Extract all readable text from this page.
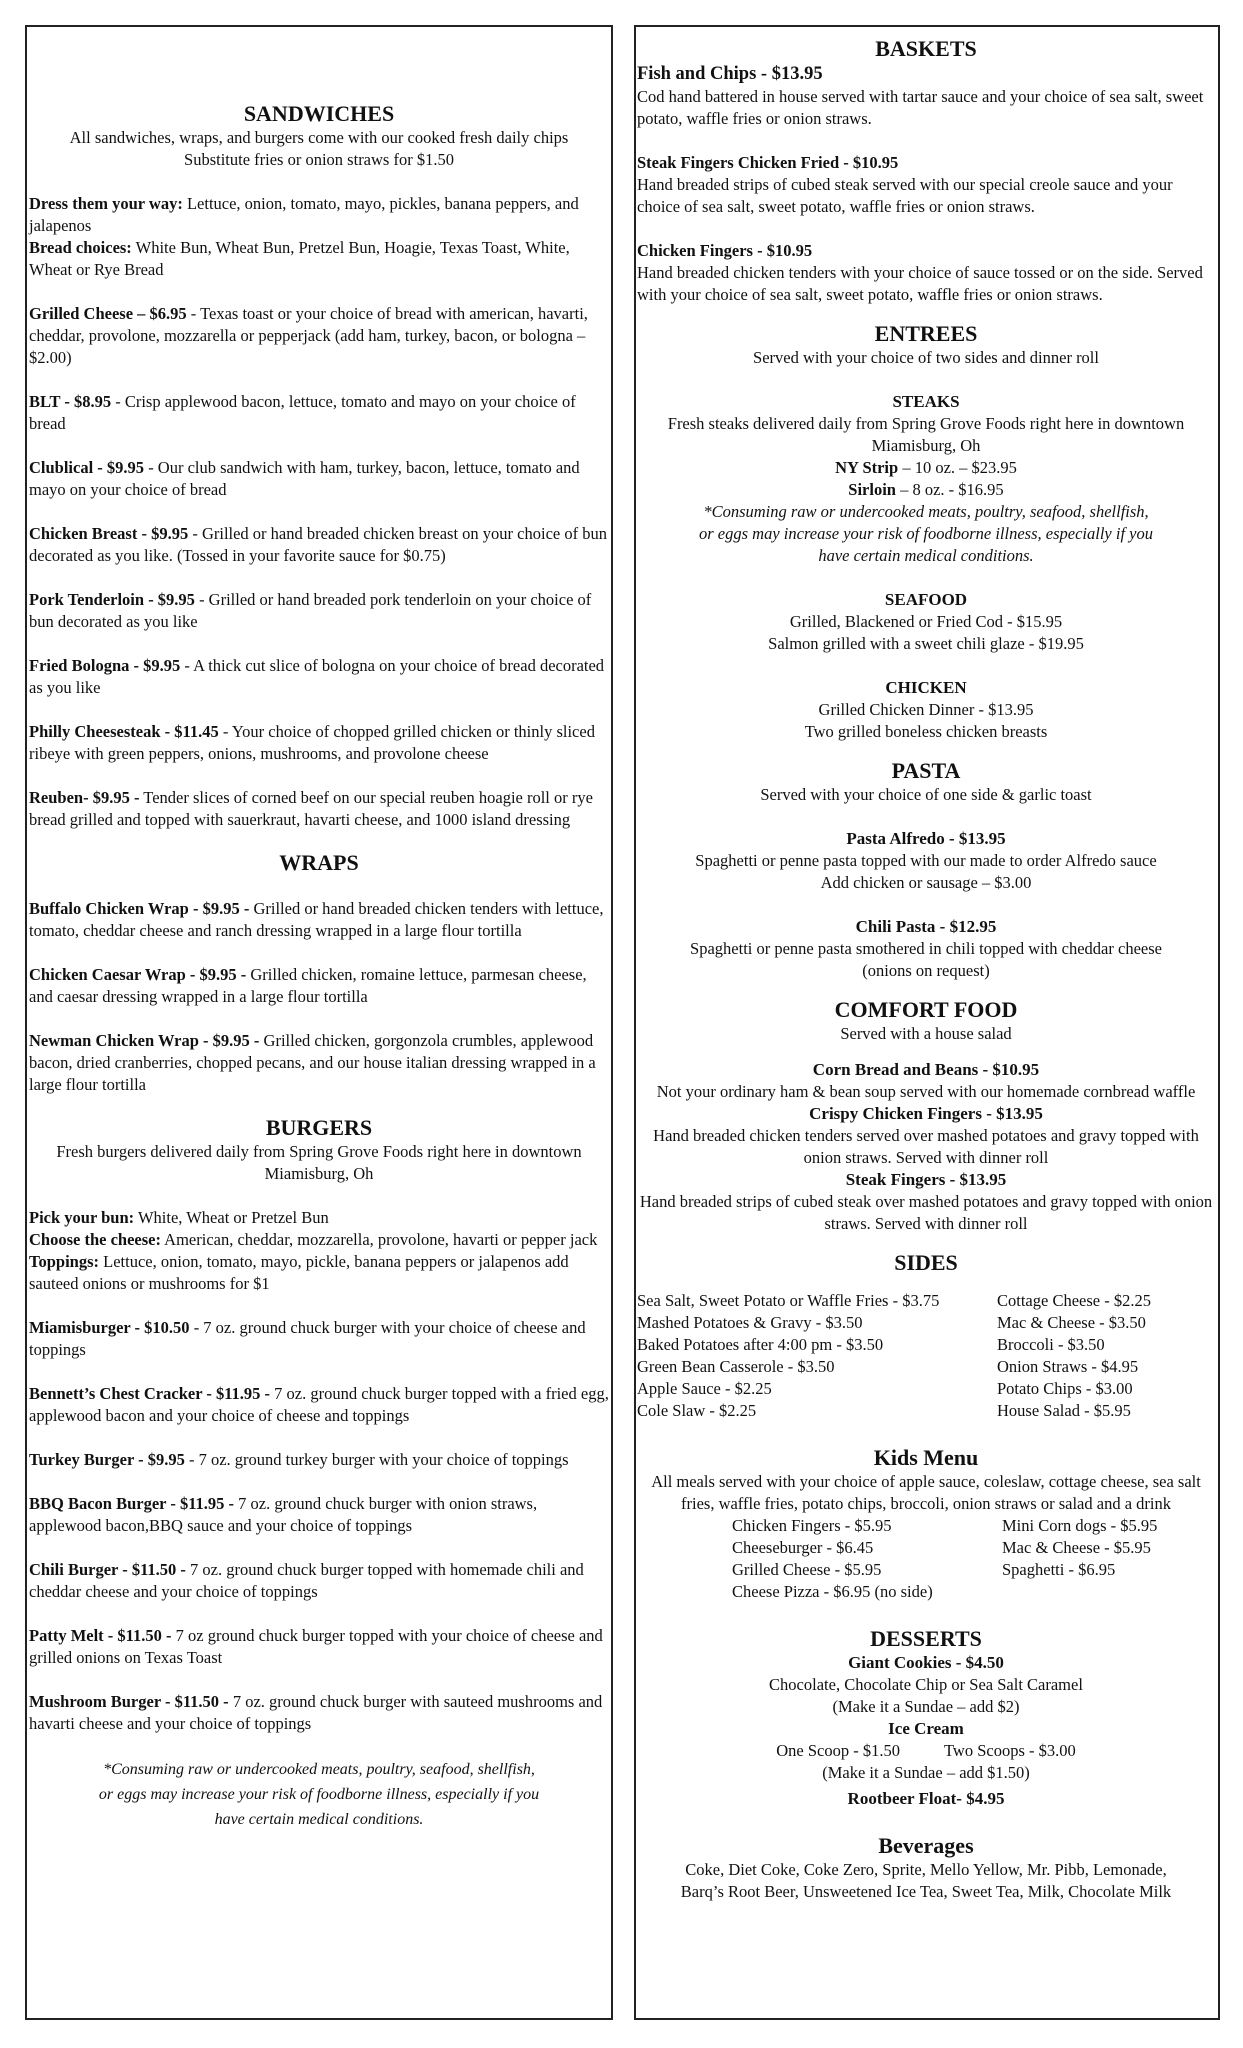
SANDWICHES

All sandwiches, wraps, and burgers come with our cooked fresh daily chips

Substitute fries or onion straws for $1.50

Dress them your way: Lettuce, onion, tomato, mayo, pickles, banana peppers, and jalapenos

Bread choices: White Bun, Wheat Bun, Pretzel Bun, Hoagie, Texas Toast, White, Wheat or Rye Bread

Grilled Cheese – $6.95 - Texas toast or your choice of bread with american, havarti, cheddar, provolone, mozzarella or pepperjack (add ham, turkey, bacon, or bologna – $2.00)

BLT - $8.95 - Crisp applewood bacon, lettuce, tomato and mayo on your choice of bread

Clublical - $9.95 - Our club sandwich with ham, turkey, bacon, lettuce, tomato and mayo on your choice of bread

Chicken Breast - $9.95 - Grilled or hand breaded chicken breast on your choice of bun decorated as you like. (Tossed in your favorite sauce for $0.75)

Pork Tenderloin - $9.95 - Grilled or hand breaded pork tenderloin on your choice of bun decorated as you like

Fried Bologna - $9.95 - A thick cut slice of bologna on your choice of bread decorated as you like

Philly Cheesesteak - $11.45 - Your choice of chopped grilled chicken or thinly sliced ribeye with green peppers, onions, mushrooms, and provolone cheese

Reuben- $9.95 - Tender slices of corned beef on our special reuben hoagie roll or rye bread grilled and topped with sauerkraut, havarti cheese, and 1000 island dressing

WRAPS

Buffalo Chicken Wrap - $9.95 - Grilled or hand breaded chicken tenders with lettuce, tomato, cheddar cheese and ranch dressing wrapped in a large flour tortilla

Chicken Caesar Wrap - $9.95 - Grilled chicken, romaine lettuce, parmesan cheese, and caesar dressing wrapped in a large flour tortilla

Newman Chicken Wrap - $9.95 - Grilled chicken, gorgonzola crumbles, applewood bacon, dried cranberries, chopped pecans, and our house italian dressing wrapped in a large flour tortilla

BURGERS

Fresh burgers delivered daily from Spring Grove Foods right here in downtown Miamisburg, Oh

Pick your bun: White, Wheat or Pretzel Bun

Choose the cheese: American, cheddar, mozzarella, provolone, havarti or pepper jack

Toppings: Lettuce, onion, tomato, mayo, pickle, banana peppers or jalapenos add sauteed onions or mushrooms for $1

Miamisburger - $10.50 - 7 oz. ground chuck burger with your choice of cheese and toppings

Bennett’s Chest Cracker - $11.95 - 7 oz. ground chuck burger topped with a fried egg, applewood bacon and your choice of cheese and toppings

Turkey Burger - $9.95 - 7 oz. ground turkey burger with your choice of toppings

BBQ Bacon Burger - $11.95 - 7 oz. ground chuck burger with onion straws, applewood bacon,BBQ sauce and your choice of toppings

Chili Burger - $11.50 - 7 oz. ground chuck burger topped with homemade chili and cheddar cheese and your choice of toppings

Patty Melt - $11.50 - 7 oz ground chuck burger topped with your choice of cheese and grilled onions on Texas Toast

Mushroom Burger - $11.50 - 7 oz. ground chuck burger with sauteed mushrooms and havarti cheese and your choice of toppings

*Consuming raw or undercooked meats, poultry, seafood, shellfish,
or eggs may increase your risk of foodborne illness, especially if you
have certain medical conditions.

BASKETS

Fish and Chips - $13.95

Cod hand battered in house served with tartar sauce and your choice of sea salt, sweet potato, waffle fries or onion straws.

Steak Fingers Chicken Fried - $10.95

Hand breaded strips of cubed steak served with our special creole sauce and your choice of sea salt, sweet potato, waffle fries or onion straws.

Chicken Fingers - $10.95

Hand breaded chicken tenders with your choice of sauce tossed or on the side. Served with your choice of sea salt, sweet potato, waffle fries or onion straws.

ENTREES

Served with your choice of two sides and dinner roll

STEAKS

Fresh steaks delivered daily from Spring Grove Foods right here in downtown Miamisburg, Oh

NY Strip – 10 oz. – $23.95

Sirloin – 8 oz. - $16.95

*Consuming raw or undercooked meats, poultry, seafood, shellfish,

or eggs may increase your risk of foodborne illness, especially if you

have certain medical conditions.

SEAFOOD

Grilled, Blackened or Fried Cod - $15.95

Salmon grilled with a sweet chili glaze - $19.95

CHICKEN

Grilled Chicken Dinner - $13.95

Two grilled boneless chicken breasts

PASTA

Served with your choice of one side & garlic toast

Pasta Alfredo - $13.95

Spaghetti or penne pasta topped with our made to order Alfredo sauce

Add chicken or sausage – $3.00

Chili Pasta - $12.95

Spaghetti or penne pasta smothered in chili topped with cheddar cheese

(onions on request)

COMFORT FOOD

Served with a house salad

Corn Bread and Beans - $10.95

Not your ordinary ham & bean soup served with our homemade cornbread waffle

Crispy Chicken Fingers - $13.95

Hand breaded chicken tenders served over mashed potatoes and gravy topped with onion straws. Served with dinner roll

Steak Fingers - $13.95

Hand breaded strips of cubed steak over mashed potatoes and gravy topped with onion straws. Served with dinner roll

SIDES

Sea Salt, Sweet Potato or Waffle Fries - $3.75
Mashed Potatoes & Gravy - $3.50
Baked Potatoes after 4:00 pm - $3.50
Green Bean Casserole - $3.50
Apple Sauce - $2.25
Cole Slaw - $2.25
Cottage Cheese - $2.25
Mac & Cheese - $3.50
Broccoli - $3.50
Onion Straws - $4.95
Potato Chips - $3.00
House Salad - $5.95

Kids Menu

All meals served with your choice of apple sauce, coleslaw, cottage cheese, sea salt fries, waffle fries, potato chips, broccoli, onion straws or salad and a drink

Chicken Fingers - $5.95
Cheeseburger - $6.45
Grilled Cheese - $5.95
Cheese Pizza - $6.95 (no side)
Mini Corn dogs - $5.95
Mac & Cheese - $5.95
Spaghetti - $6.95

DESSERTS

Giant Cookies - $4.50

Chocolate, Chocolate Chip or Sea Salt Caramel

(Make it a Sundae – add $2)

Ice Cream

One Scoop - $1.50	Two Scoops - $3.00

(Make it a Sundae – add $1.50)

Rootbeer Float- $4.95

Beverages

Coke, Diet Coke, Coke Zero, Sprite, Mello Yellow, Mr. Pibb, Lemonade,

Barq’s Root Beer, Unsweetened Ice Tea, Sweet Tea, Milk, Chocolate Milk
